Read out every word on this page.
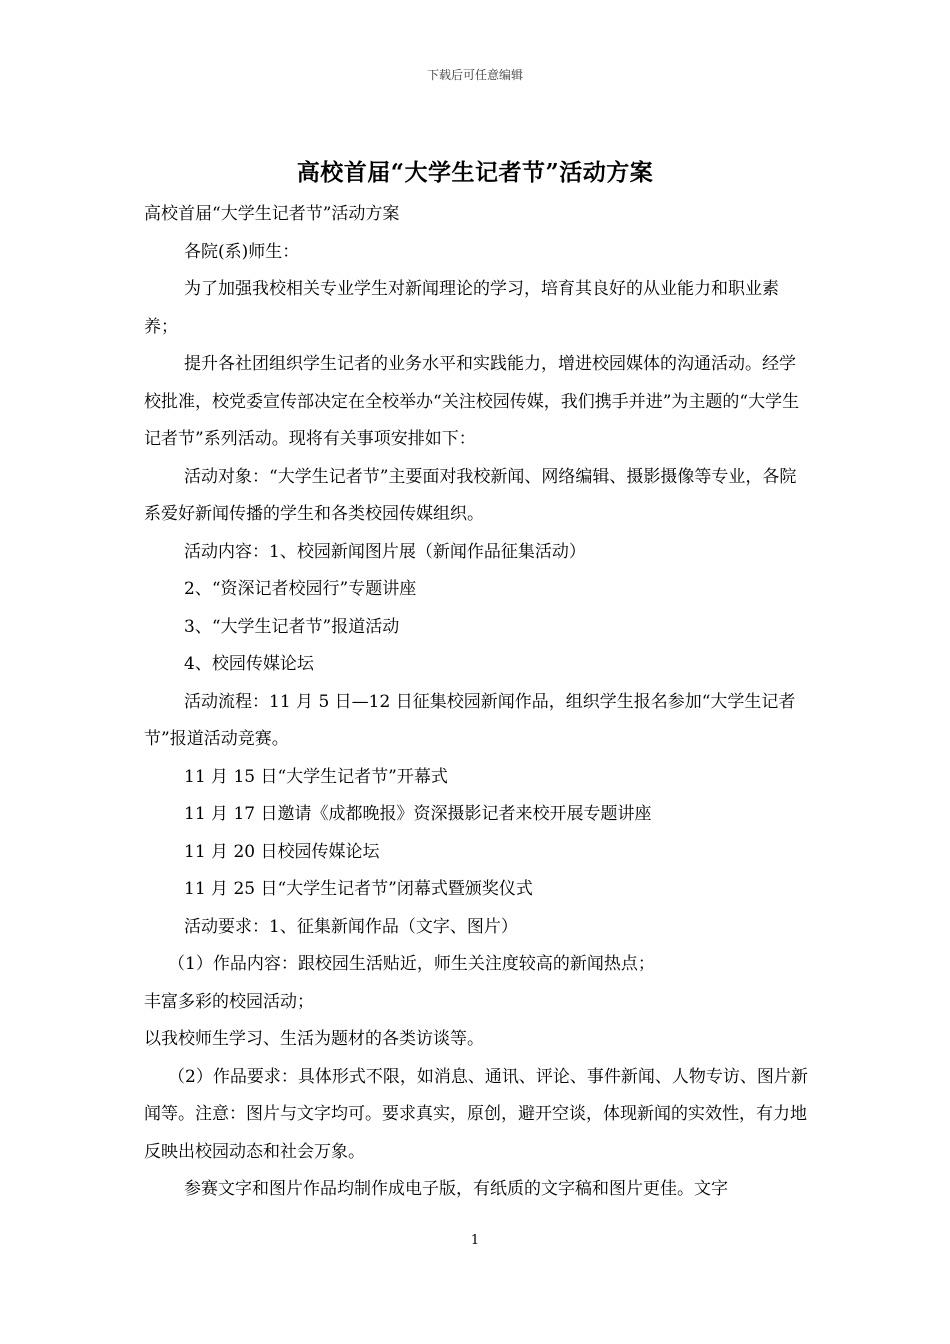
下载后可任意编辑
高校首届“大学生记者节”活动方案

高校首届“大学生记者节”活动方案

各院(系)师生：

为了加强我校相关专业学生对新闻理论的学习，培育其良好的从业能力和职业素养；

提升各社团组织学生记者的业务水平和实践能力，增进校园媒体的沟通活动。经学校批准，校党委宣传部决定在全校举办“关注校园传媒，我们携手并进”为主题的“大学生记者节”系列活动。现将有关事项安排如下：

活动对象：“大学生记者节”主要面对我校新闻、网络编辑、摄影摄像等专业，各院系爱好新闻传播的学生和各类校园传媒组织。

活动内容：1、校园新闻图片展（新闻作品征集活动）

2、“资深记者校园行”专题讲座

3、“大学生记者节”报道活动

4、校园传媒论坛

活动流程：11 月 5 日—12 日征集校园新闻作品，组织学生报名参加“大学生记者节”报道活动竞赛。

11 月 15 日“大学生记者节”开幕式

11 月 17 日邀请《成都晚报》资深摄影记者来校开展专题讲座

11 月 20 日校园传媒论坛

11 月 25 日“大学生记者节”闭幕式暨颁奖仪式

活动要求：1、征集新闻作品（文字、图片）

（1）作品内容：跟校园生活贴近，师生关注度较高的新闻热点；

丰富多彩的校园活动；

以我校师生学习、生活为题材的各类访谈等。

（2）作品要求：具体形式不限，如消息、通讯、评论、事件新闻、人物专访、图片新闻等。注意：图片与文字均可。要求真实，原创，避开空谈，体现新闻的实效性，有力地反映出校园动态和社会万象。

参赛文字和图片作品均制作成电子版，有纸质的文字稿和图片更佳。文字

1
